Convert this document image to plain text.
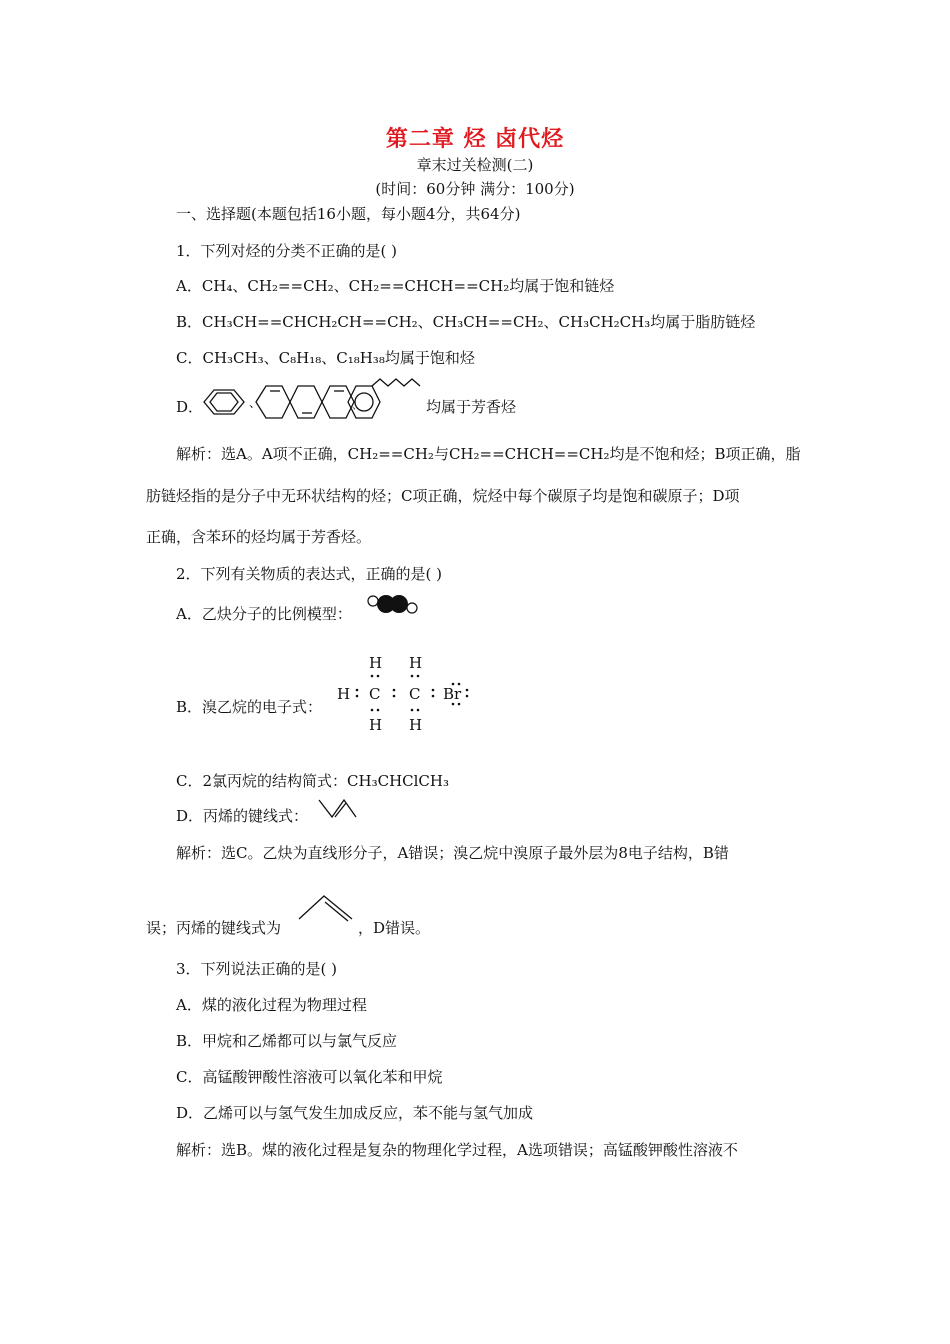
第二章 烃 卤代烃
章末过关检测(二)
(时间：60分钟 满分：100分)
一、选择题(本题包括16小题，每小题4分，共64分)
1．下列对烃的分类不正确的是( )
A．CH₄、CH₂==CH₂、CH₂==CHCH==CH₂均属于饱和链烃
B．CH₃CH==CHCH₂CH==CH₂、CH₃CH==CH₂、CH₃CH₂CH₃均属于脂肪链烃
C．CH₃CH₃、C₈H₁₈、C₁₈H₃₈均属于饱和烃
D．	、	、	均属于芳香烃
解析：选A。A项不正确，CH₂==CH₂与CH₂==CHCH==CH₂均是不饱和烃；B项正确，脂
肪链烃指的是分子中无环状结构的烃；C项正确，烷烃中每个碳原子均是饱和碳原子；D项
正确，含苯环的烃均属于芳香烃。
2．下列有关物质的表达式，正确的是( )
A．乙炔分子的比例模型：
B．溴乙烷的电子式：
H H
H C C Br
H H
C．2氯丙烷的结构简式：CH₃CHClCH₃
D．丙烯的键线式：
解析：选C。乙炔为直线形分子，A错误；溴乙烷中溴原子最外层为8电子结构，B错
误；丙烯的键线式为	，D错误。
3．下列说法正确的是( )
A．煤的液化过程为物理过程
B．甲烷和乙烯都可以与氯气反应
C．高锰酸钾酸性溶液可以氧化苯和甲烷
D．乙烯可以与氢气发生加成反应，苯不能与氢气加成
解析：选B。煤的液化过程是复杂的物理化学过程，A选项错误；高锰酸钾酸性溶液不
